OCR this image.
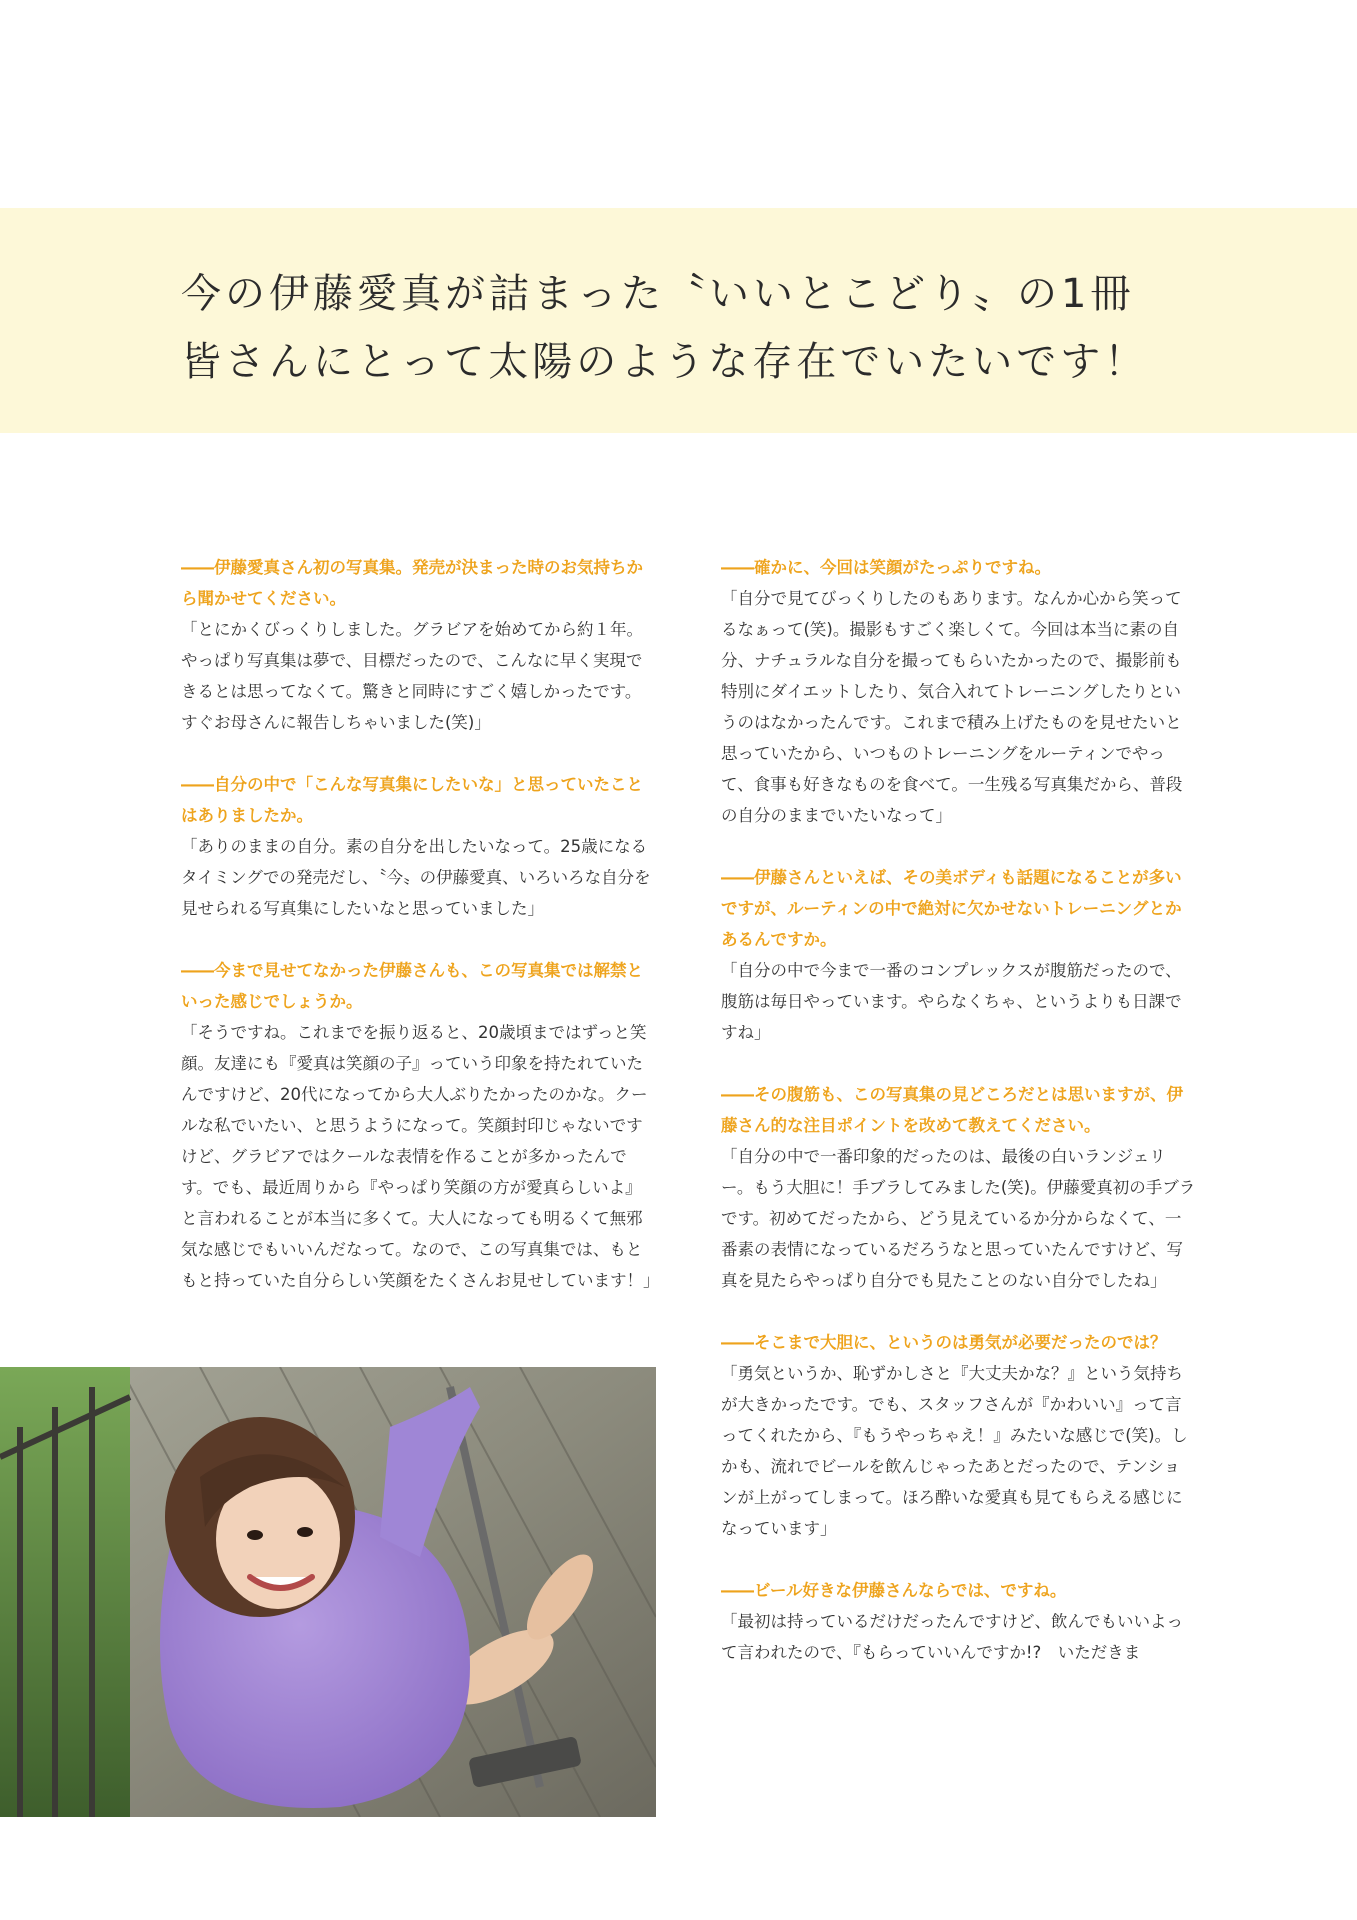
今の伊藤愛真が詰まった〝いいとこどり〟の1冊
皆さんにとって太陽のような存在でいたいです！

――伊藤愛真さん初の写真集。発売が決まった時のお気持ちから聞かせてください。

「とにかくびっくりしました。グラビアを始めてから約１年。やっぱり写真集は夢で、目標だったので、こんなに早く実現できるとは思ってなくて。驚きと同時にすごく嬉しかったです。すぐお母さんに報告しちゃいました(笑)」

――自分の中で「こんな写真集にしたいな」と思っていたことはありましたか。

「ありのままの自分。素の自分を出したいなって。25歳になるタイミングでの発売だし、〝今〟の伊藤愛真、いろいろな自分を見せられる写真集にしたいなと思っていました」

――今まで見せてなかった伊藤さんも、この写真集では解禁といった感じでしょうか。

「そうですね。これまでを振り返ると、20歳頃まではずっと笑顔。友達にも『愛真は笑顔の子』っていう印象を持たれていたんですけど、20代になってから大人ぶりたかったのかな。クールな私でいたい、と思うようになって。笑顔封印じゃないですけど、グラビアではクールな表情を作ることが多かったんです。でも、最近周りから『やっぱり笑顔の方が愛真らしいよ』と言われることが本当に多くて。大人になっても明るくて無邪気な感じでもいいんだなって。なので、この写真集では、もともと持っていた自分らしい笑顔をたくさんお見せしています！」

――確かに、今回は笑顔がたっぷりですね。

「自分で見てびっくりしたのもあります。なんか心から笑ってるなぁって(笑)。撮影もすごく楽しくて。今回は本当に素の自分、ナチュラルな自分を撮ってもらいたかったので、撮影前も特別にダイエットしたり、気合入れてトレーニングしたりというのはなかったんです。これまで積み上げたものを見せたいと思っていたから、いつものトレーニングをルーティンでやって、食事も好きなものを食べて。一生残る写真集だから、普段の自分のままでいたいなって」

――伊藤さんといえば、その美ボディも話題になることが多いですが、ルーティンの中で絶対に欠かせないトレーニングとかあるんですか。

「自分の中で今まで一番のコンプレックスが腹筋だったので、腹筋は毎日やっています。やらなくちゃ、というよりも日課ですね」

――その腹筋も、この写真集の見どころだとは思いますが、伊藤さん的な注目ポイントを改めて教えてください。

「自分の中で一番印象的だったのは、最後の白いランジェリー。もう大胆に！手ブラしてみました(笑)。伊藤愛真初の手ブラです。初めてだったから、どう見えているか分からなくて、一番素の表情になっているだろうなと思っていたんですけど、写真を見たらやっぱり自分でも見たことのない自分でしたね」

――そこまで大胆に、というのは勇気が必要だったのでは？

「勇気というか、恥ずかしさと『大丈夫かな？』という気持ちが大きかったです。でも、スタッフさんが『かわいい』って言ってくれたから、『もうやっちゃえ！』みたいな感じで(笑)。しかも、流れでビールを飲んじゃったあとだったので、テンションが上がってしまって。ほろ酔いな愛真も見てもらえる感じになっています」

――ビール好きな伊藤さんならでは、ですね。

「最初は持っているだけだったんですけど、飲んでもいいよって言われたので、『もらっていいんですか!?　いただきま
